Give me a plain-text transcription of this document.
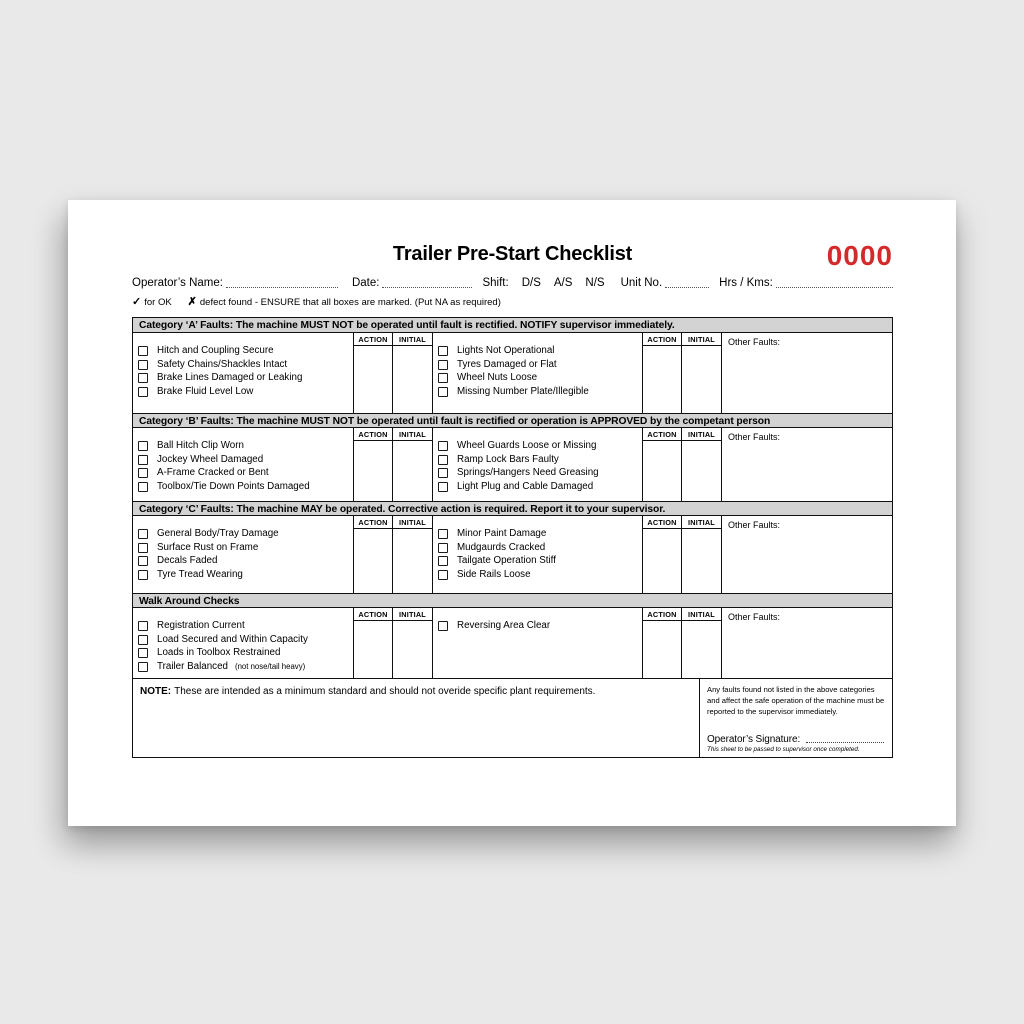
0000
Trailer Pre-Start Checklist
Operator’s Name:	Date:	Shift: D/S A/S N/S Unit No.	Hrs / Kms:
✓ for OK ✗ defect found - ENSURE that all boxes are marked. (Put NA as required)
Category ‘A’ Faults: The machine MUST NOT be operated until fault is rectified. NOTIFY supervisor immediately.
Hitch and Coupling Secure
Safety Chains/Shackles Intact
Brake Lines Damaged or Leaking
Brake Fluid Level Low
ACTION	INITIAL
Lights Not Operational
Tyres Damaged or Flat
Wheel Nuts Loose
Missing Number Plate/Illegible
ACTION	INITIAL	Other Faults:
Category ‘B’ Faults: The machine MUST NOT be operated until fault is rectified or operation is APPROVED by the competant person
Ball Hitch Clip Worn
Jockey Wheel Damaged
A-Frame Cracked or Bent
Toolbox/Tie Down Points Damaged
ACTION	INITIAL
Wheel Guards Loose or Missing
Ramp Lock Bars Faulty
Springs/Hangers Need Greasing
Light Plug and Cable Damaged
ACTION	INITIAL	Other Faults:
Category ‘C’ Faults: The machine MAY be operated. Corrective action is required. Report it to your supervisor.
General Body/Tray Damage
Surface Rust on Frame
Decals Faded
Tyre Tread Wearing
ACTION	INITIAL
Minor Paint Damage
Mudgaurds Cracked
Tailgate Operation Stiff
Side Rails Loose
ACTION	INITIAL	Other Faults:
Walk Around Checks
Registration Current
Load Secured and Within Capacity
Loads in Toolbox Restrained
Trailer Balanced (not nose/tail heavy)
ACTION	INITIAL
Reversing Area Clear
ACTION	INITIAL	Other Faults:
NOTE: These are intended as a minimum standard and should not overide specific plant requirements.	Any faults found not listed in the above categories and affect the safe operation of the machine must be reported to the supervisor immediately.
Operator’s Signature:
This sheet to be passed to supervisor once completed.
